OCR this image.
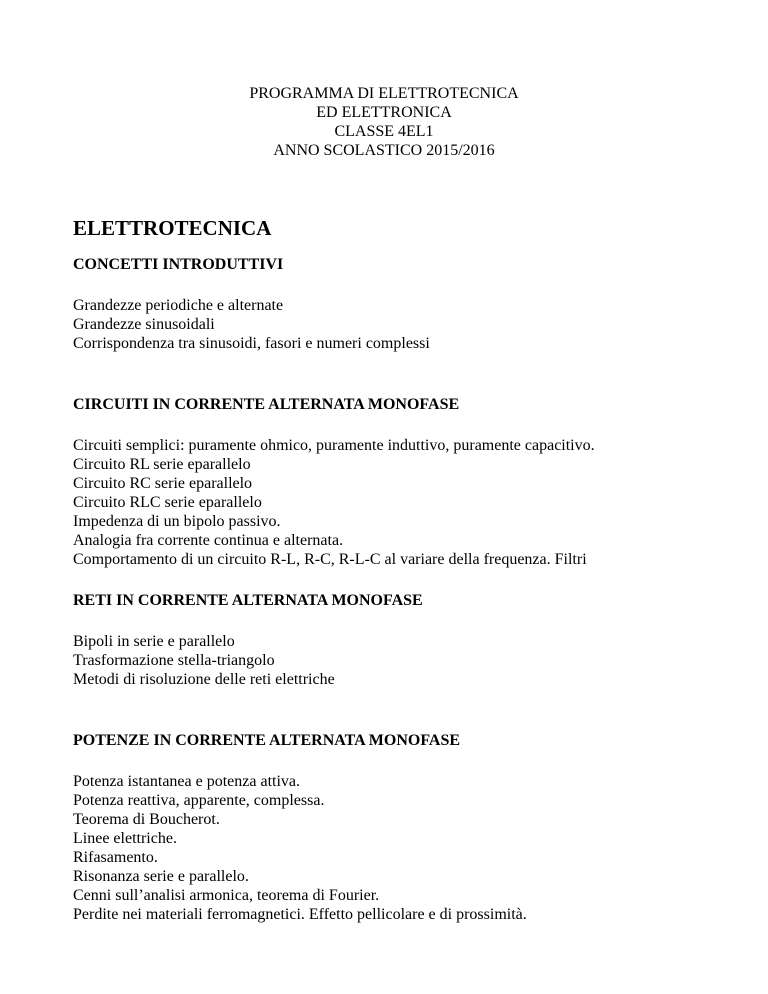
PROGRAMMA DI ELETTROTECNICA
ED ELETTRONICA
CLASSE 4EL1
ANNO SCOLASTICO 2015/2016
ELETTROTECNICA
CONCETTI INTRODUTTIVI
Grandezze periodiche e alternate
Grandezze sinusoidali
Corrispondenza tra sinusoidi, fasori e numeri complessi
CIRCUITI IN CORRENTE ALTERNATA MONOFASE
Circuiti semplici: puramente ohmico, puramente induttivo, puramente capacitivo.
Circuito RL serie eparallelo
Circuito RC serie eparallelo
Circuito RLC serie eparallelo
Impedenza di un bipolo passivo.
Analogia fra corrente continua e alternata.
Comportamento di un circuito R-L, R-C, R-L-C al variare della frequenza. Filtri
RETI IN CORRENTE ALTERNATA MONOFASE
Bipoli in serie e parallelo
Trasformazione stella-triangolo
Metodi di risoluzione delle reti elettriche
POTENZE IN CORRENTE ALTERNATA MONOFASE
Potenza istantanea e potenza attiva.
Potenza reattiva, apparente, complessa.
Teorema di Boucherot.
Linee elettriche.
Rifasamento.
Risonanza serie e parallelo.
Cenni sull’analisi armonica, teorema di Fourier.
Perdite nei materiali ferromagnetici. Effetto pellicolare e di prossimità.
